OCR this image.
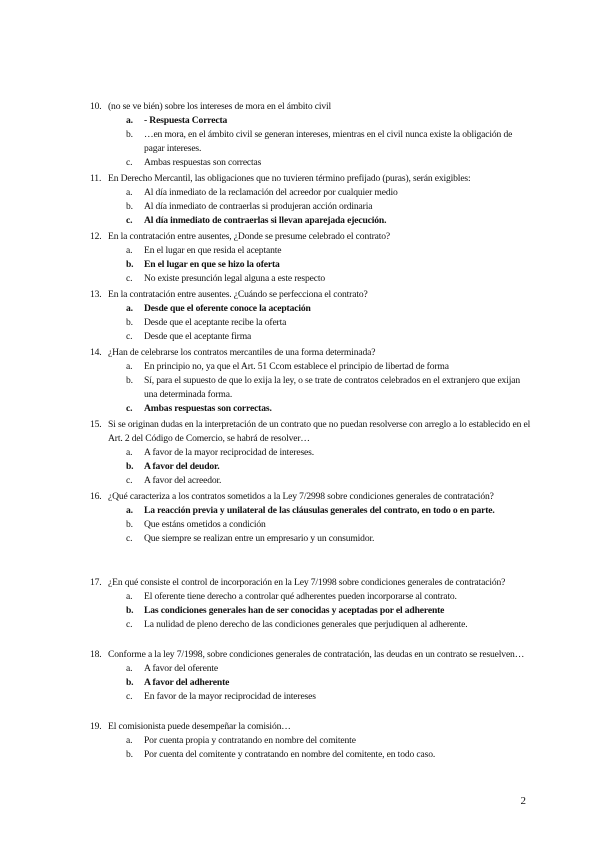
10. (no se ve bién) sobre los intereses de mora en el ámbito civil
a. - Respuesta Correcta
b. …en mora, en el ámbito civil se generan intereses, mientras en el civil nunca existe la obligación de pagar intereses.
c. Ambas respuestas son correctas
11. En Derecho Mercantil, las obligaciones que no tuvieren término prefijado (puras), serán exigibles:
a. Al día inmediato de la reclamación del acreedor por cualquier medio
b. Al día inmediato de contraerlas si produjeran acción ordinaria
c. Al día inmediato de contraerlas si llevan aparejada ejecución.
12. En la contratación entre ausentes, ¿Donde se presume celebrado el contrato?
a. En el lugar en que resida el aceptante
b. En el lugar en que se hizo la oferta
c. No existe presunción legal alguna a este respecto
13. En la contratación entre ausentes. ¿Cuándo se perfecciona el contrato?
a. Desde que el oferente conoce la aceptación
b. Desde que el aceptante recibe la oferta
c. Desde que el aceptante firma
14. ¿Han de celebrarse los contratos mercantiles de una forma determinada?
a. En principio no, ya que el Art. 51 Ccom establece el principio de libertad de forma
b. Sí, para el supuesto de que lo exija la ley, o se trate de contratos celebrados en el extranjero que exijan una determinada forma.
c. Ambas respuestas son correctas.
15. Si se originan dudas en la interpretación de un contrato que no puedan resolverse con arreglo a lo establecido en el Art. 2 del Código de Comercio, se habrá de resolver…
a. A favor de la mayor reciprocidad de intereses.
b. A favor del deudor.
c. A favor del acreedor.
16. ¿Qué caracteriza a los contratos sometidos a la Ley 7/2998 sobre condiciones generales de contratación?
a. La reacción previa y unilateral de las cláusulas generales del contrato, en todo o en parte.
b. Que estáns ometidos a condición
c. Que siempre se realizan entre un empresario y un consumidor.
17. ¿En qué consiste el control de incorporación en la Ley 7/1998 sobre condiciones generales de contratación?
a. El oferente tiene derecho a controlar qué adherentes pueden incorporarse al contrato.
b. Las condiciones generales han de ser conocidas y aceptadas por el adherente
c. La nulidad de pleno derecho de las condiciones generales que perjudiquen al adherente.
18. Conforme a la ley 7/1998, sobre condiciones generales de contratación, las deudas en un contrato se resuelven…
a. A favor del oferente
b. A favor del adherente
c. En favor de la mayor reciprocidad de intereses
19. El comisionista puede desempeñar la comisión…
a. Por cuenta propia y contratando en nombre del comitente
b. Por cuenta del comitente y contratando en nombre del comitente, en todo caso.
2
